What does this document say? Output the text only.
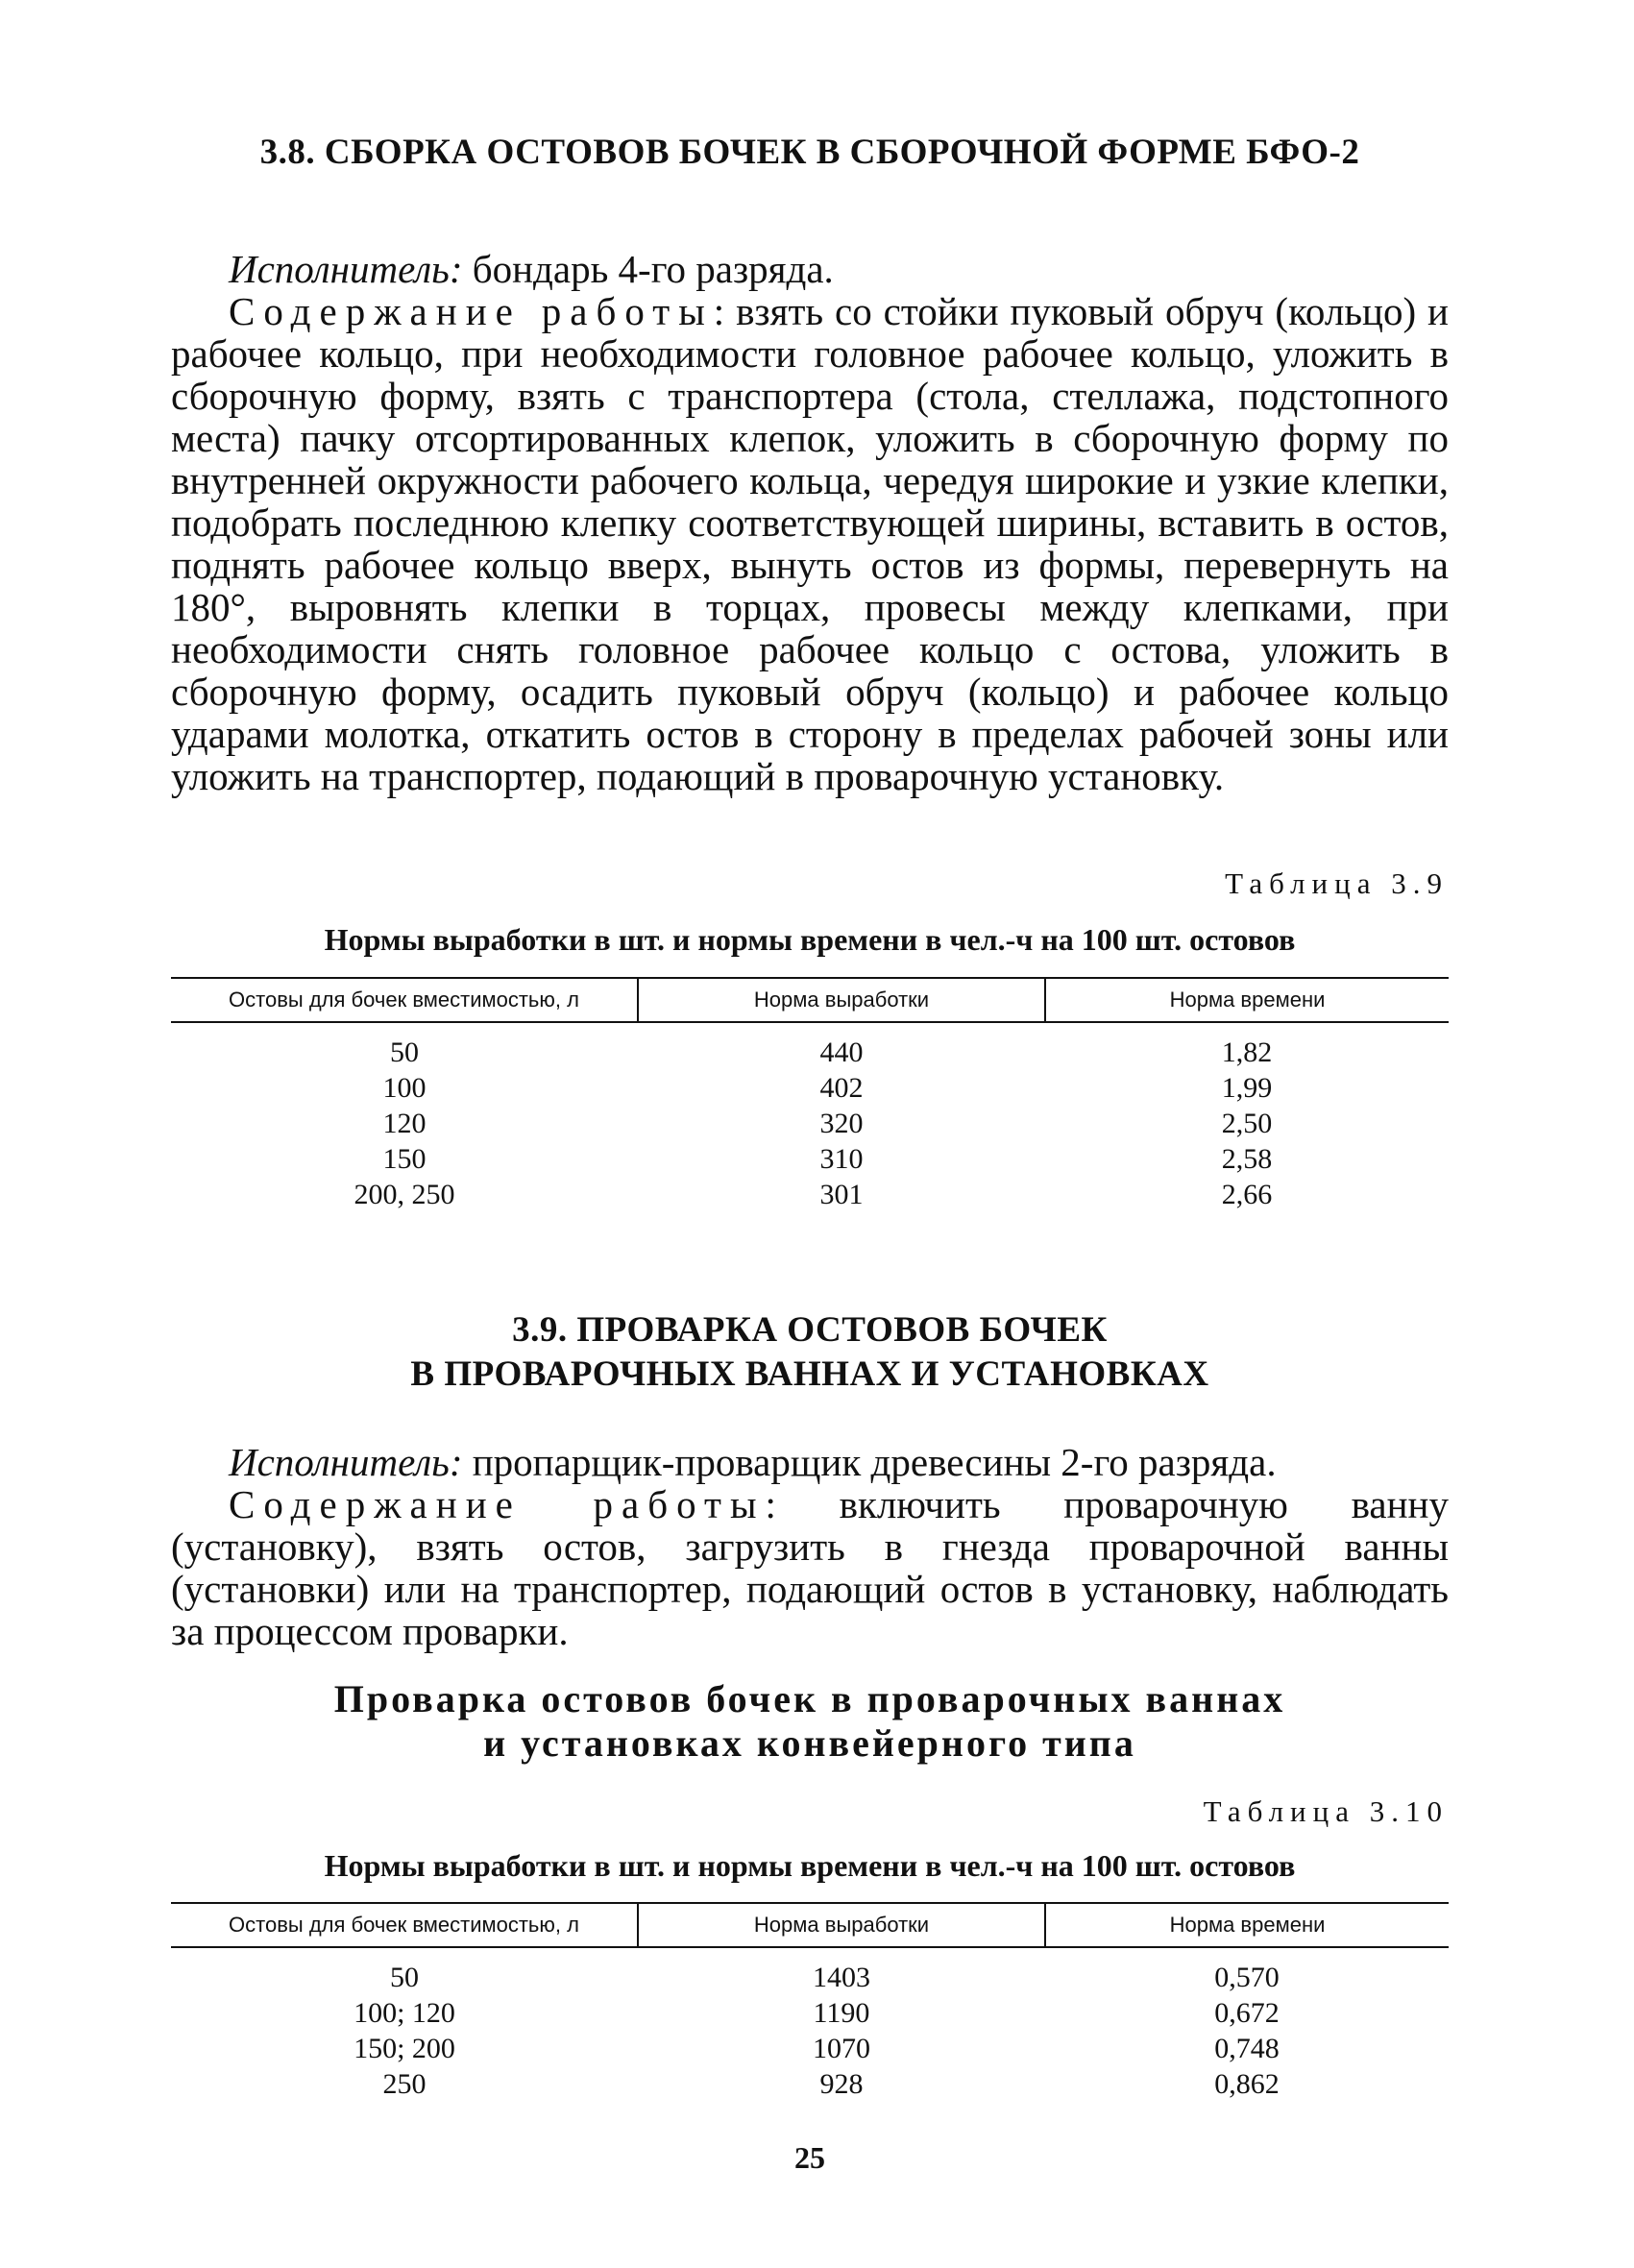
3.8. СБОРКА ОСТОВОВ БОЧЕК В СБОРОЧНОЙ ФОРМЕ БФО-2
Исполнитель: бондарь 4-го разряда.
Содержание работы: взять со стойки пуковый обруч (кольцо) и рабочее кольцо, при необходимости головное рабочее кольцо, уложить в сборочную форму, взять с транспортера (стола, стеллажа, подстопного места) пачку отсортированных клепок, уложить в сборочную форму по внутренней окружности рабочего кольца, чередуя широкие и узкие клепки, подобрать последнюю клепку соответствующей ширины, вставить в остов, поднять рабочее кольцо вверх, вынуть остов из формы, перевернуть на 180°, выровнять клепки в торцах, провесы между клепками, при необходимости снять головное рабочее кольцо с остова, уложить в сборочную форму, осадить пуковый обруч (кольцо) и рабочее кольцо ударами молотка, откатить остов в сторону в пределах рабочей зоны или уложить на транспортер, подающий в проварочную установку.
Таблица 3.9
Нормы выработки в шт. и нормы времени в чел.-ч на 100 шт. остовов
Остовы для бочек вместимостью, л	Норма выработки	Норма времени
50	440	1,82
100	402	1,99
120	320	2,50
150	310	2,58
200, 250	301	2,66
3.9. ПРОВАРКА ОСТОВОВ БОЧЕК
В ПРОВАРОЧНЫХ ВАННАХ И УСТАНОВКАХ
Исполнитель: пропарщик-проварщик древесины 2-го разряда.
Содержание работы: включить проварочную ванну (установку), взять остов, загрузить в гнезда проварочной ванны (установки) или на транспортер, подающий остов в установку, наблюдать за процессом проварки.
Проварка остовов бочек в проварочных ваннах
и установках конвейерного типа
Таблица 3.10
Нормы выработки в шт. и нормы времени в чел.-ч на 100 шт. остовов
Остовы для бочек вместимостью, л	Норма выработки	Норма времени
50	1403	0,570
100; 120	1190	0,672
150; 200	1070	0,748
250	928	0,862
25
